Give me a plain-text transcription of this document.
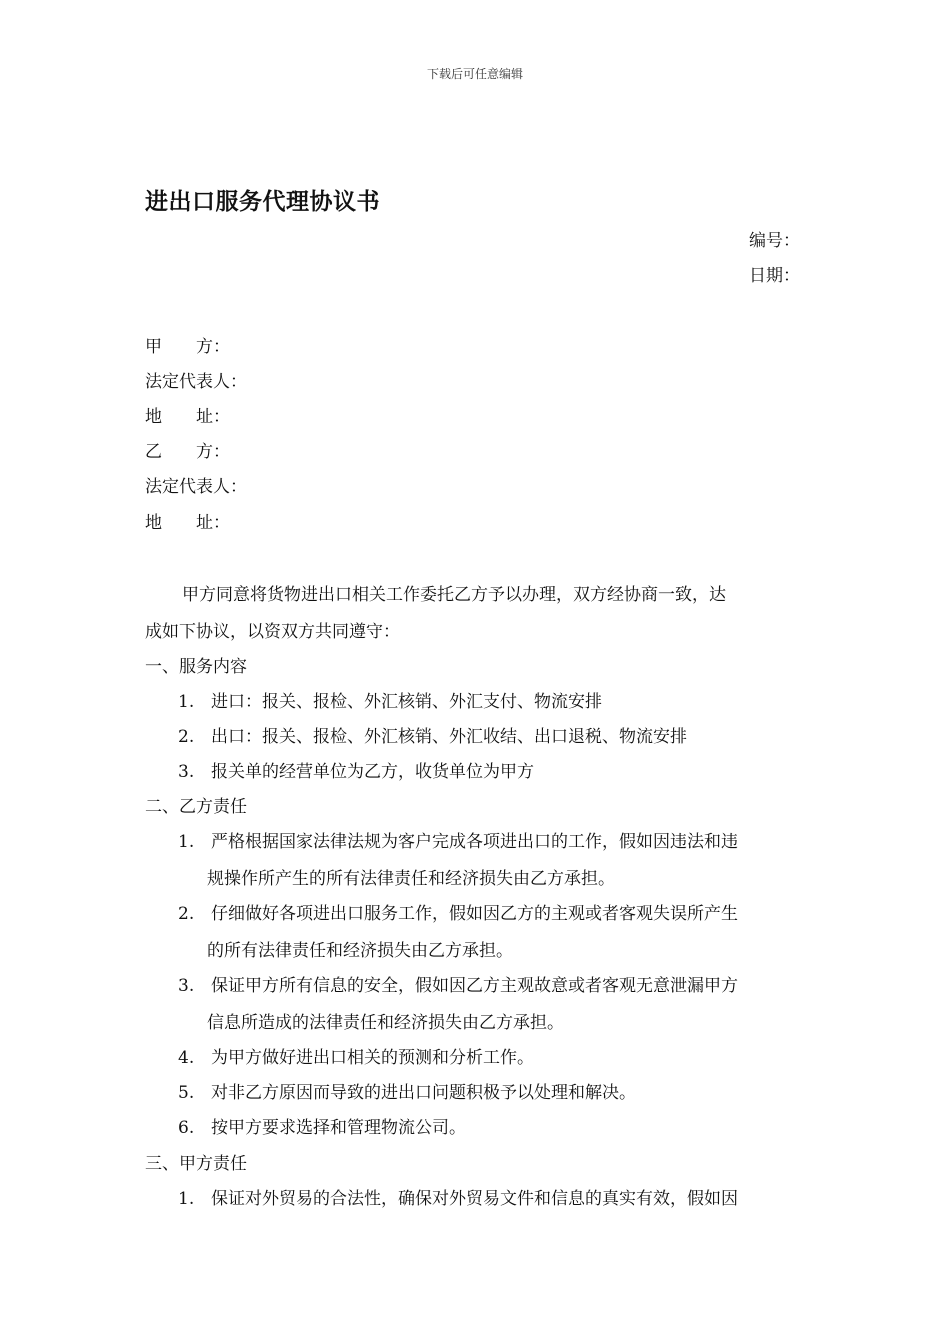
下载后可任意编辑
进出口服务代理协议书
编号：
日期：
甲　　方：
法定代表人：
地　　址：
乙　　方：
法定代表人：
地　　址：
甲方同意将货物进出口相关工作委托乙方予以办理，双方经协商一致，达
成如下协议，以资双方共同遵守：
一、服务内容
1. 进口：报关、报检、外汇核销、外汇支付、物流安排
2. 出口：报关、报检、外汇核销、外汇收结、出口退税、物流安排
3. 报关单的经营单位为乙方，收货单位为甲方
二、乙方责任
1. 严格根据国家法律法规为客户完成各项进出口的工作，假如因违法和违
规操作所产生的所有法律责任和经济损失由乙方承担。
2. 仔细做好各项进出口服务工作，假如因乙方的主观或者客观失误所产生
的所有法律责任和经济损失由乙方承担。
3. 保证甲方所有信息的安全，假如因乙方主观故意或者客观无意泄漏甲方
信息所造成的法律责任和经济损失由乙方承担。
4. 为甲方做好进出口相关的预测和分析工作。
5. 对非乙方原因而导致的进出口问题积极予以处理和解决。
6. 按甲方要求选择和管理物流公司。
三、甲方责任
1. 保证对外贸易的合法性，确保对外贸易文件和信息的真实有效，假如因
